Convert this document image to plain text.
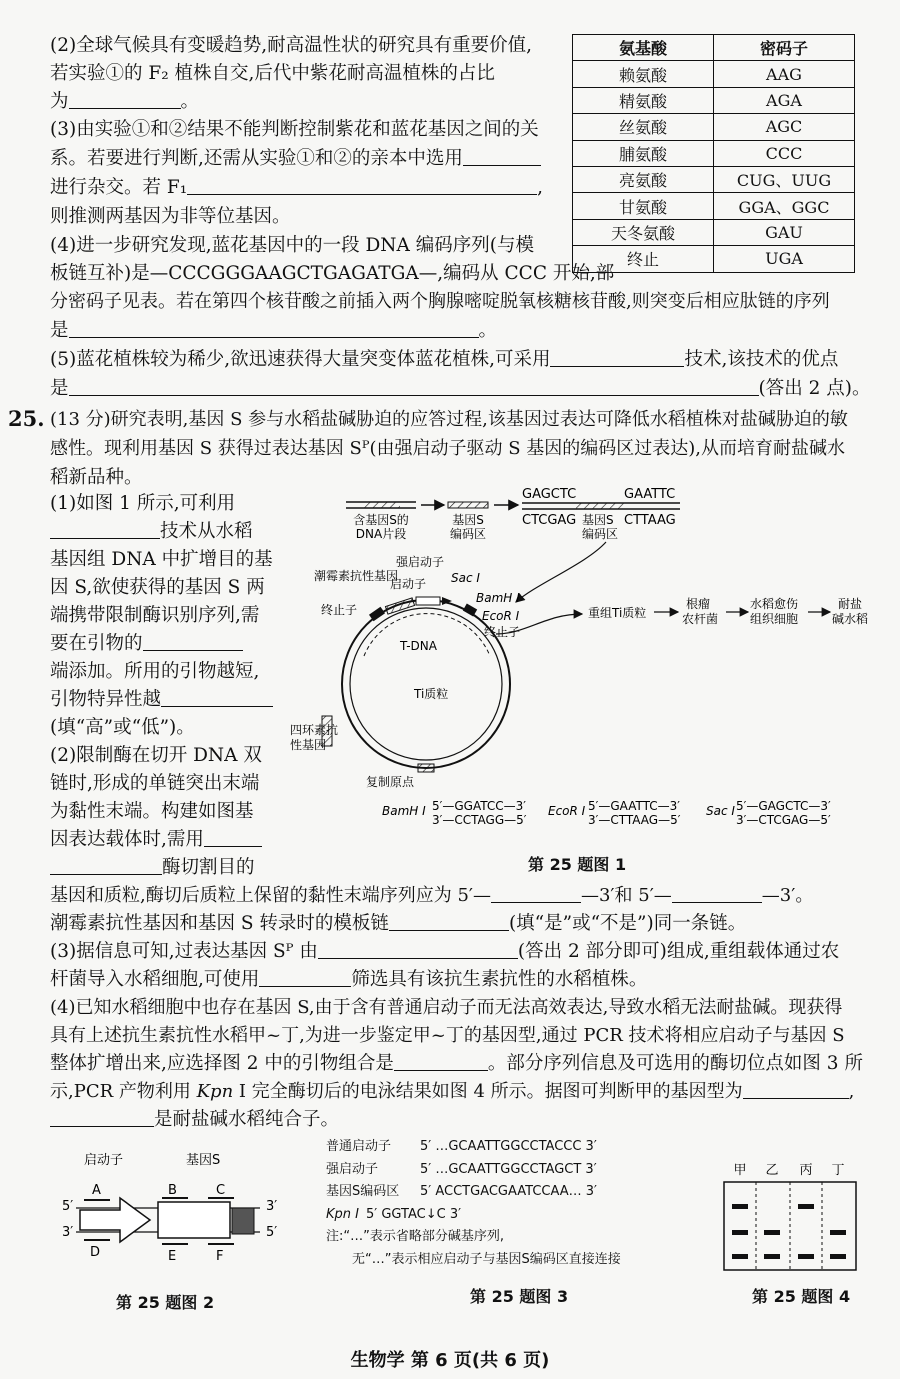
(2)全球气候具有变暖趋势,耐高温性状的研究具有重要价值,
若实验①的 F₂ 植株自交,后代中紫花耐高温植株的占比
为	。
(3)由实验①和②结果不能判断控制紫花和蓝花基因之间的关
系。若要进行判断,还需从实验①和②的亲本中选用
进行杂交。若 F₁	,
则推测两基因为非等位基因。
(4)进一步研究发现,蓝花基因中的一段 DNA 编码序列(与模
板链互补)是—CCCGGGAAGCTGAGATGA—,编码从 CCC 开始,部
分密码子见表。若在第四个核苷酸之前插入两个胸腺嘧啶脱氧核糖核苷酸,则突变后相应肽链的序列
是	。
(5)蓝花植株较为稀少,欲迅速获得大量突变体蓝花植株,可采用	技术,该技术的优点
是	(答出 2 点)。
氨基酸	密码子
赖氨酸	AAG
精氨酸	AGA
丝氨酸	AGC
脯氨酸	CCC
亮氨酸	CUG、UUG
甘氨酸	GGA、GGC
天冬氨酸	GAU
终止	UGA
25. (13 分)研究表明,基因 S 参与水稻盐碱胁迫的应答过程,该基因过表达可降低水稻植株对盐碱胁迫的敏
感性。现利用基因 S 获得过表达基因 Sᴾ(由强启动子驱动 S 基因的编码区过表达),从而培育耐盐碱水
稻新品种。
(1)如图 1 所示,可利用
技术从水稻
基因组 DNA 中扩增目的基
因 S,欲使获得的基因 S 两
端携带限制酶识别序列,需
要在引物的
端添加。所用的引物越短,
引物特异性越
(填“高”或“低”)。
(2)限制酶在切开 DNA 双
链时,形成的单链突出末端
为黏性末端。构建如图基
因表达载体时,需用
酶切割目的
含基因S的
DNA片段
基因S
编码区
GAGCTC	GAATTC
CTCGAG 基因S
编码区
CTTAAG
潮霉素抗性基因
强启动子
启动子 Sac I
BamH I
EcoR I
终止子
终止子
T-DNA
Ti质粒
四环素抗
性基因
复制原点
重组Ti质粒
根瘤
农杆菌
水稻愈伤
组织细胞
耐盐
碱水稻
BamH I 5′—GGATCC—3′
3′—CCTAGG—5′
EcoR I 5′—GAATTC—3′
3′—CTTAAG—5′
Sac I 5′—GAGCTC—3′
3′—CTCGAG—5′
第 25 题图 1
基因和质粒,酶切后质粒上保留的黏性末端序列应为 5′—	—3′和 5′—	—3′。
潮霉素抗性基因和基因 S 转录时的模板链	(填“是”或“不是”)同一条链。
(3)据信息可知,过表达基因 Sᴾ 由	(答出 2 部分即可)组成,重组载体通过农
杆菌导入水稻细胞,可使用	筛选具有该抗生素抗性的水稻植株。
(4)已知水稻细胞中也存在基因 S,由于含有普通启动子而无法高效表达,导致水稻无法耐盐碱。现获得
具有上述抗生素抗性水稻甲~丁,为进一步鉴定甲~丁的基因型,通过 PCR 技术将相应启动子与基因 S
整体扩增出来,应选择图 2 中的引物组合是	。部分序列信息及可选用的酶切位点如图 3 所
示,PCR 产物利用 Kpn I 完全酶切后的电泳结果如图 4 所示。据图可判断甲的基因型为	,
是耐盐碱水稻纯合子。
启动子	基因S
5′
3′
3′
5′
A	B	C
D	E	F
第 25 题图 2
普通启动子 5′ …GCAATTGGCCTACCC 3′
强启动子	5′ …GCAATTGGCCTAGCT 3′
基因S编码区 5′ ACCTGACGAATCCAA… 3′
Kpn I 5′ GGTAC↓C 3′
注:“…”表示省略部分碱基序列,
无“…”表示相应启动子与基因S编码区直接连接
第 25 题图 3
甲 乙 丙 丁
第 25 题图 4
生物学 第 6 页(共 6 页)
